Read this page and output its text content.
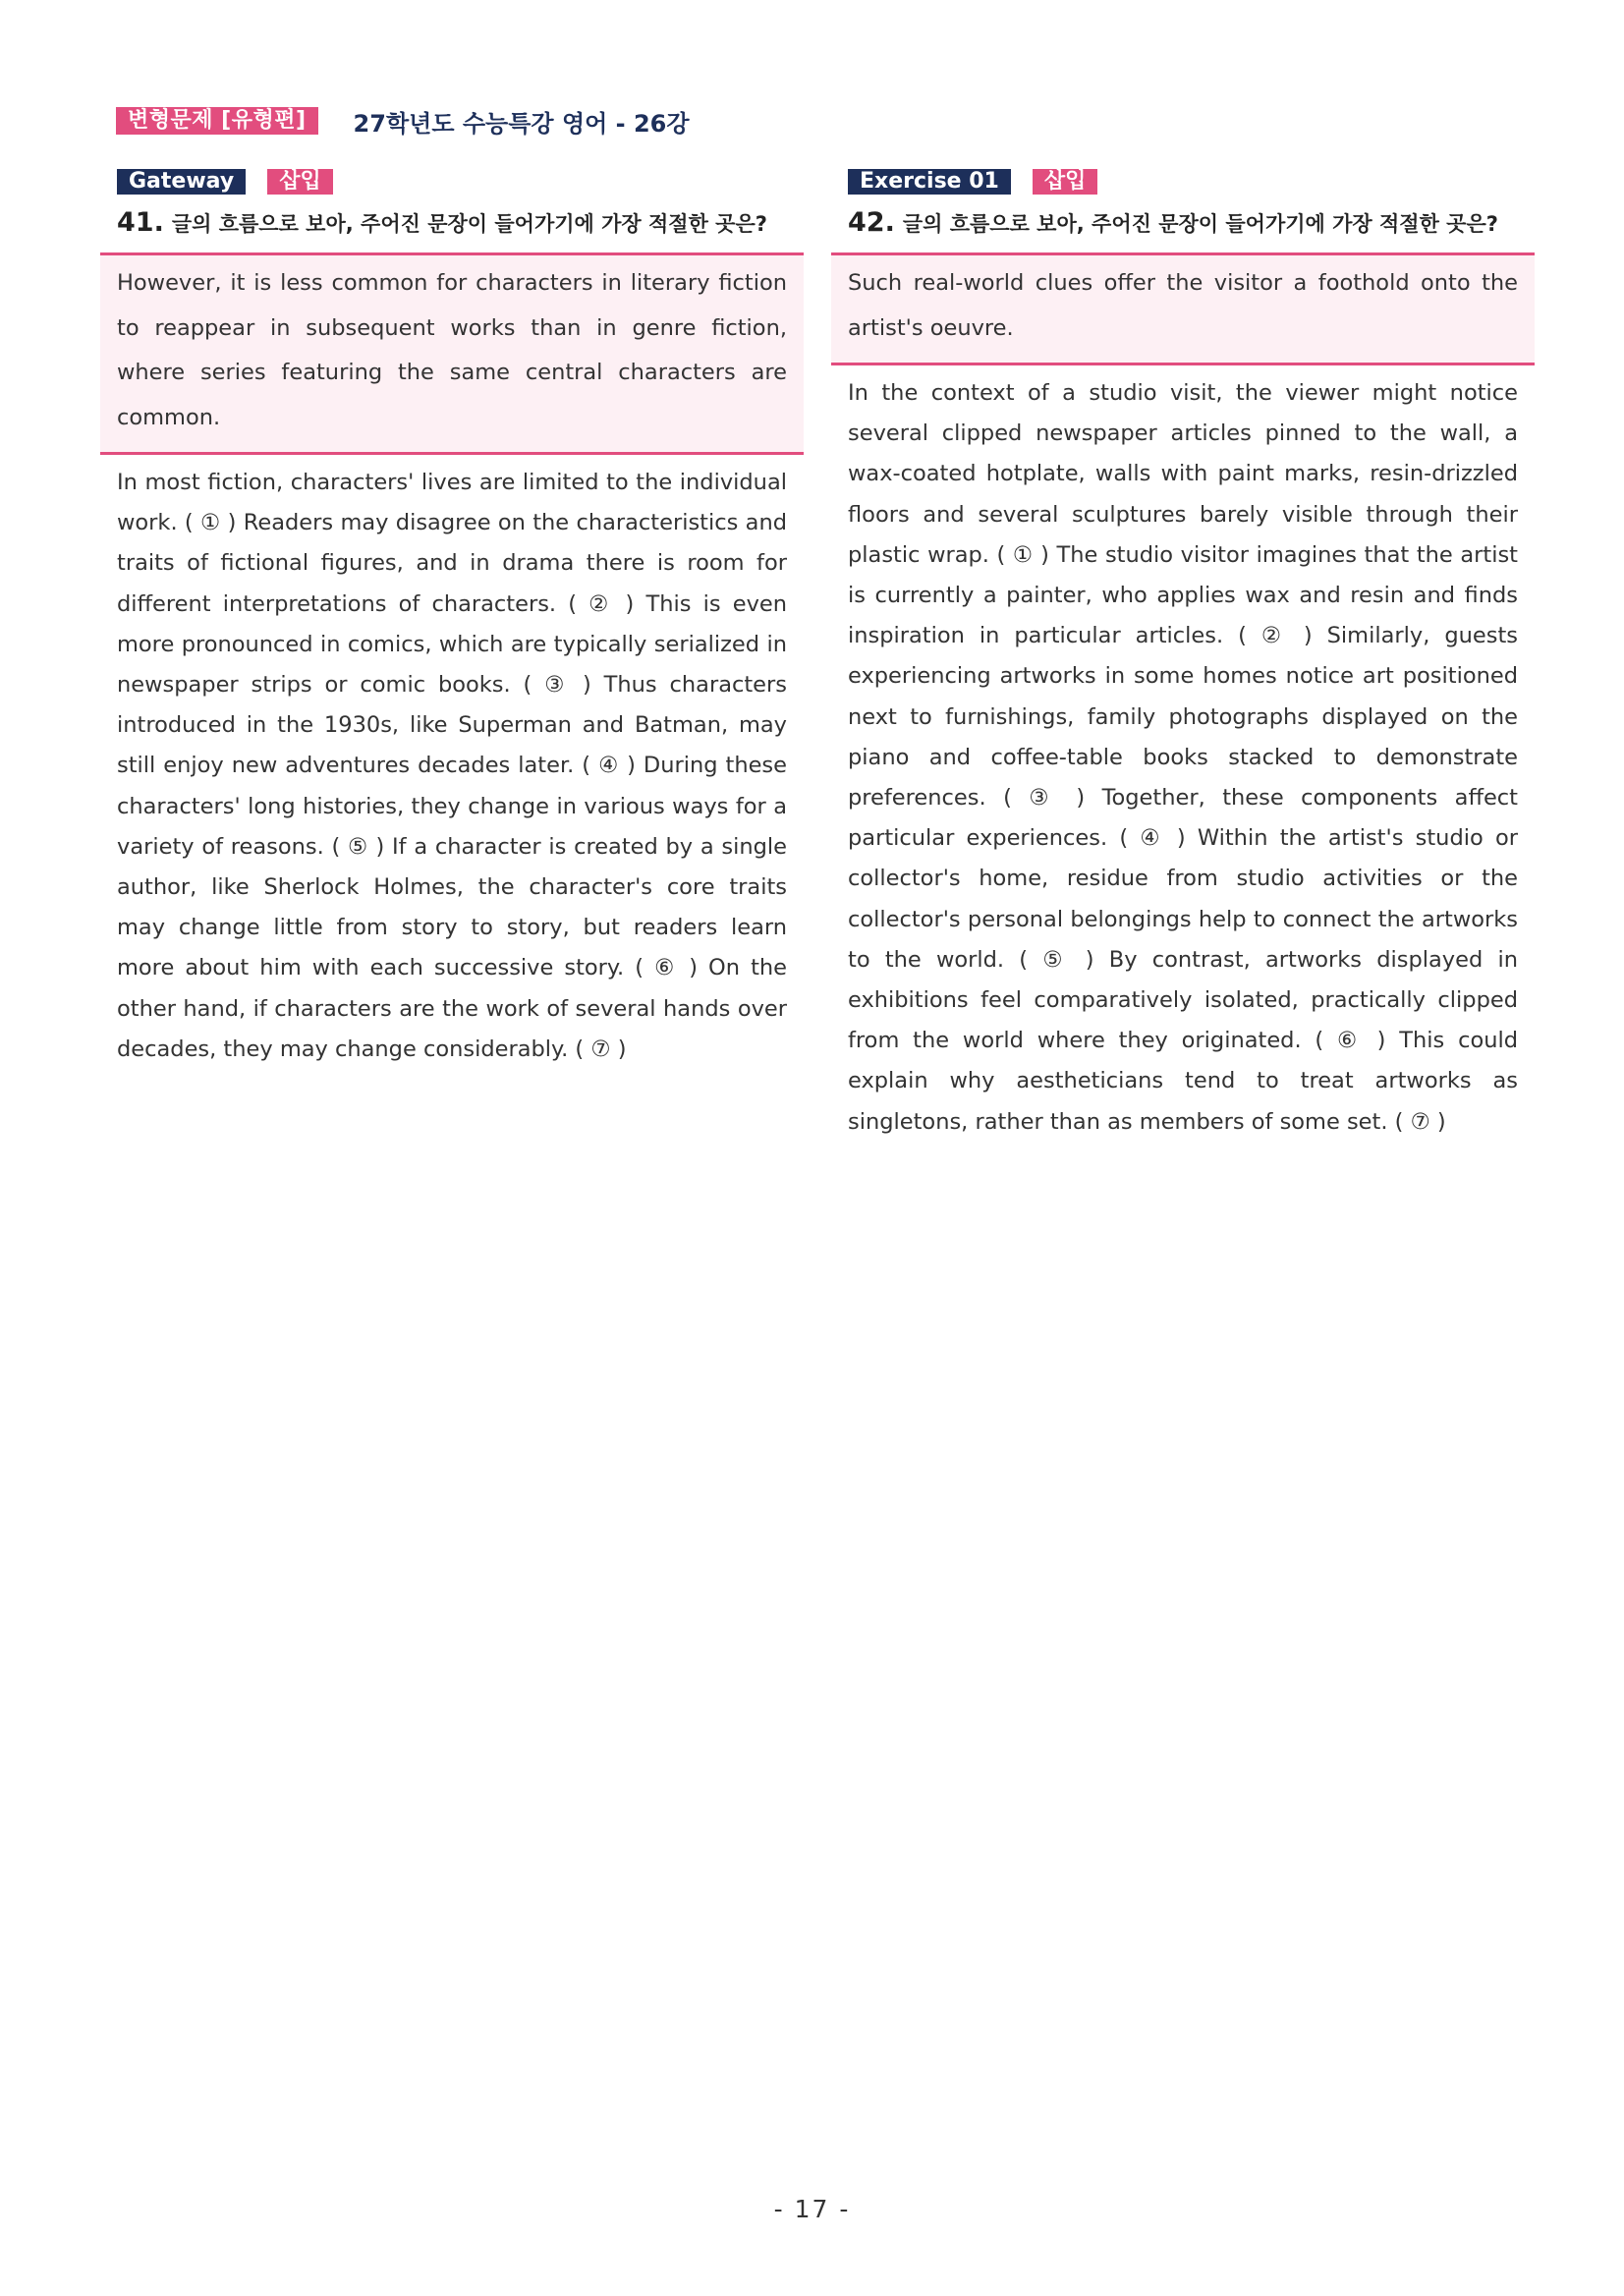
변형문제 [유형편]	27학년도 수능특강 영어 - 26강
Gateway	삽입
41. 글의 흐름으로 보아, 주어진 문장이 들어가기에 가장 적절한 곳은?

However, it is less common for characters in literary fiction to reappear in subsequent works than in genre fiction, where series featuring the same central characters are common.

In most fiction, characters' lives are limited to the individual work. ( ① ) Readers may disagree on the characteristics and traits of fictional figures, and in drama there is room for different interpretations of characters. ( ② ) This is even more pronounced in comics, which are typically serialized in newspaper strips or comic books. ( ③ ) Thus characters introduced in the 1930s, like Superman and Batman, may still enjoy new adventures decades later. ( ④ ) During these characters' long histories, they change in various ways for a variety of reasons. ( ⑤ ) If a character is created by a single author, like Sherlock Holmes, the character's core traits may change little from story to story, but readers learn more about him with each successive story. ( ⑥ ) On the other hand, if characters are the work of several hands over decades, they may change considerably. ( ⑦ )

Exercise 01	삽입
42. 글의 흐름으로 보아, 주어진 문장이 들어가기에 가장 적절한 곳은?

Such real-world clues offer the visitor a foothold onto the artist's oeuvre.

In the context of a studio visit, the viewer might notice several clipped newspaper articles pinned to the wall, a wax-coated hotplate, walls with paint marks, resin-drizzled floors and several sculptures barely visible through their plastic wrap. ( ① ) The studio visitor imagines that the artist is currently a painter, who applies wax and resin and finds inspiration in particular articles. ( ② ) Similarly, guests experiencing artworks in some homes notice art positioned next to furnishings, family photographs displayed on the piano and coffee-table books stacked to demonstrate preferences. ( ③ ) Together, these components affect particular experiences. ( ④ ) Within the artist's studio or collector's home, residue from studio activities or the collector's personal belongings help to connect the artworks to the world. ( ⑤ ) By contrast, artworks displayed in exhibitions feel comparatively isolated, practically clipped from the world where they originated. ( ⑥ ) This could explain why aestheticians tend to treat artworks as singletons, rather than as members of some set. ( ⑦ )

- 17 -
